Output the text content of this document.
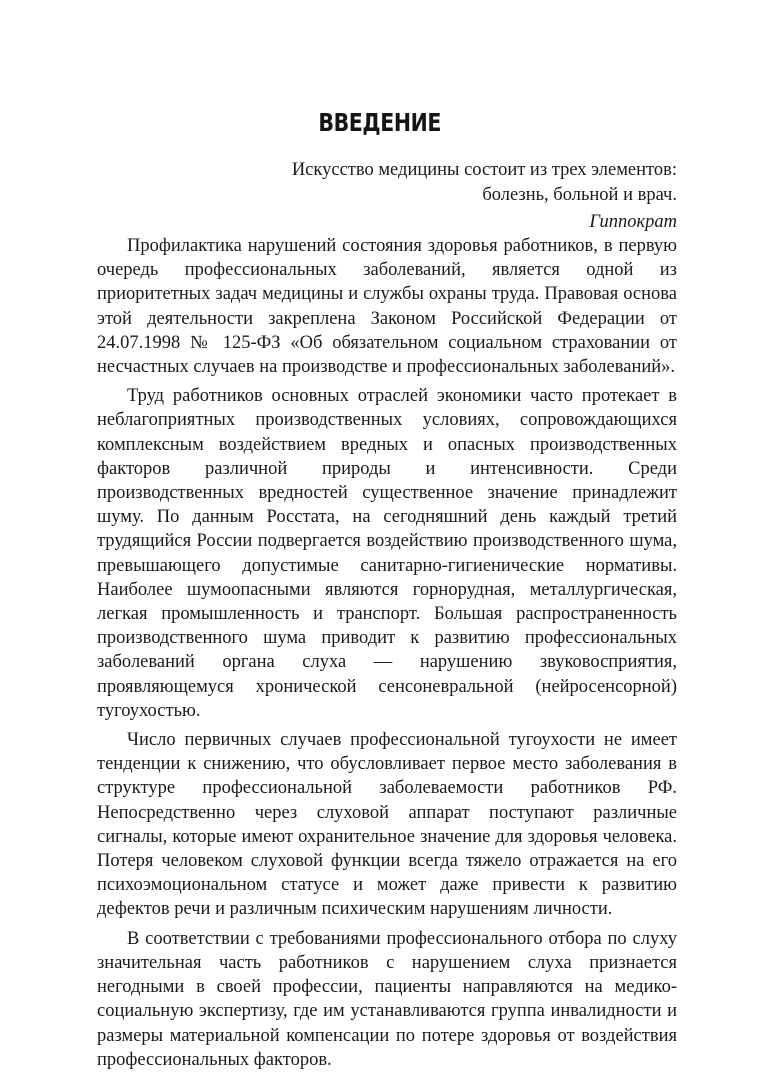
ВВЕДЕНИЕ
Искусство медицины состоит из трех элементов:
болезнь, больной и врач.
Гиппократ

Профилактика нарушений состояния здоровья работников, в первую очередь профессиональных заболеваний, является одной из приоритетных задач медицины и службы охраны труда. Правовая основа этой деятельности закреплена Законом Российской Федерации от 24.07.1998 № 125-ФЗ «Об обязательном социальном страховании от несчастных случаев на производстве и профессиональных заболеваний».

Труд работников основных отраслей экономики часто протекает в неблагоприятных производственных условиях, сопровождающихся комплексным воздействием вредных и опасных производственных факторов различной природы и интенсивности. Среди производственных вредностей существенное значение принадлежит шуму. По данным Росстата, на сегодняшний день каждый третий трудящийся России подвергается воздействию производственного шума, превышающего допустимые санитарно-гигиенические нормативы. Наиболее шумоопасными являются горнорудная, металлургическая, легкая промышленность и транспорт. Большая распространенность производственного шума приводит к развитию профессиональных заболеваний органа слуха — нарушению звуковосприятия, проявляющемуся хронической сенсоневральной (нейросенсорной) тугоухостью.

Число первичных случаев профессиональной тугоухости не имеет тенденции к снижению, что обусловливает первое место заболевания в структуре профессиональной заболеваемости работников РФ. Непосредственно через слуховой аппарат поступают различные сигналы, которые имеют охранительное значение для здоровья человека. Потеря человеком слуховой функции всегда тяжело отражается на его психоэмоциональном статусе и может даже привести к развитию дефектов речи и различным психическим нарушениям личности.

В соответствии с требованиями профессионального отбора по слуху значительная часть работников с нарушением слуха признается негодными в своей профессии, пациенты направляются на медико-социальную экспертизу, где им устанавливаются группа инвалидности и размеры материальной компенсации по потере здоровья от воздействия профессиональных факторов.
